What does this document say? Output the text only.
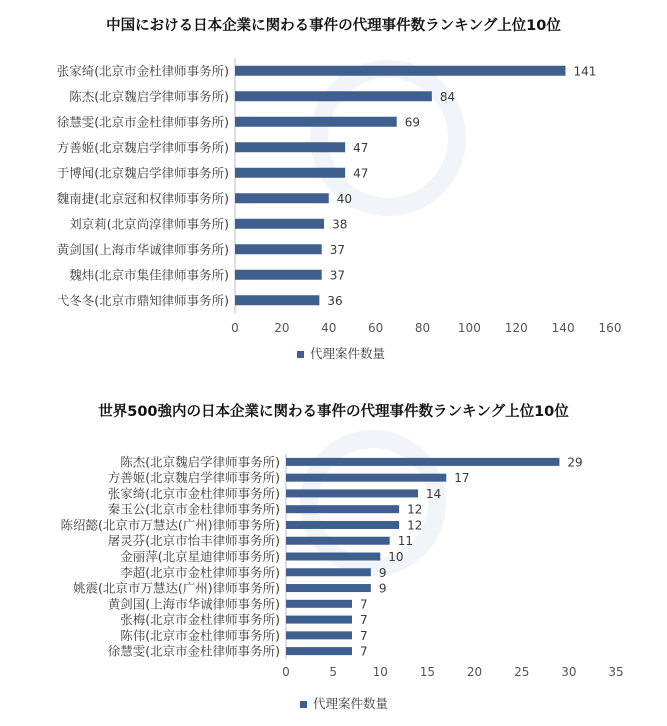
中国における日本企業に関わる事件の代理事件数ランキング上位10位
张家绮(北京市金杜律师事务所)	141
陈杰(北京魏启学律师事务所)	84
徐慧雯(北京市金杜律师事务所)	69
方善姬(北京魏启学律师事务所)	47
于博闻(北京魏启学律师事务所)	47
魏南捷(北京冠和权律师事务所)	40
刘京莉(北京尚淳律师事务所)	38
黄剑国(上海市华诚律师事务所)	37
魏炜(北京市集佳律师事务所)	37
弋冬冬(北京市鼎知律师事务所)	36
0	20	40	60	80 100 120 140 160
代理案件数量
世界500強内の日本企業に関わる事件の代理事件数ランキング上位10位
陈杰(北京魏启学律师事务所)	29
方善姬(北京魏启学律师事务所)	17
张家绮(北京市金杜律师事务所)	14
秦玉公(北京市金杜律师事务所)	12
陈绍懿(北京市万慧达(广州)律师事务所)	12
屠灵芬(北京市怡丰律师事务所)	11
金丽萍(北京星迪律师事务所)	10
李超(北京市金杜律师事务所)	9
姚震(北京市万慧达(广州)律师事务所)	9
黄剑国(上海市华诚律师事务所)	7
张梅(北京市金杜律师事务所)	7
陈伟(北京市金杜律师事务所)	7
徐慧雯(北京市金杜律师事务所)	7
0	5	10	15	20	25	30	35
代理案件数量
